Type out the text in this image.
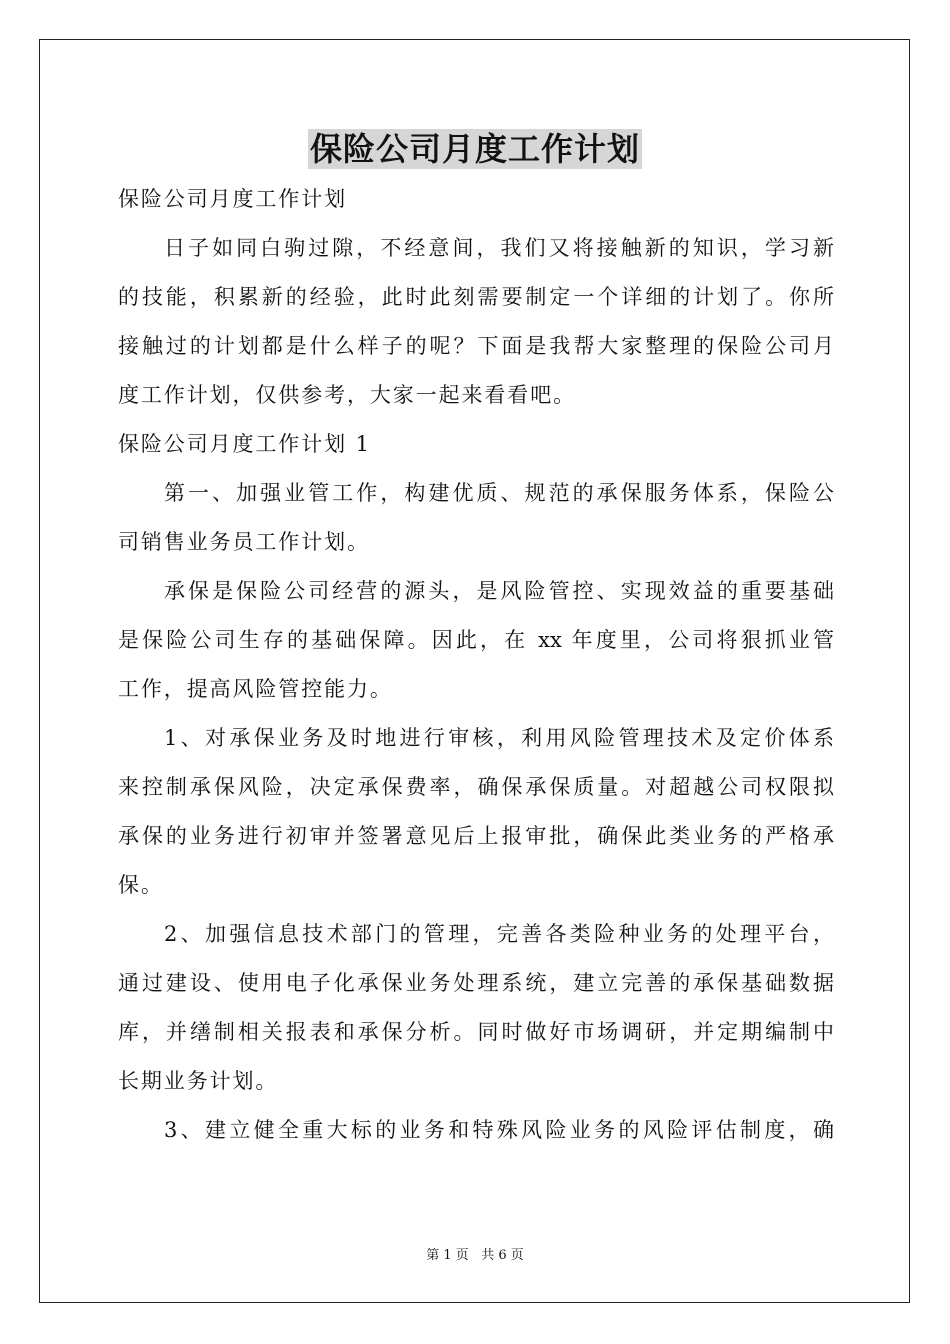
保险公司月度工作计划
保险公司月度工作计划
日子如同白驹过隙，不经意间，我们又将接触新的知识，学习新
的技能，积累新的经验，此时此刻需要制定一个详细的计划了。你所
接触过的计划都是什么样子的呢？下面是我帮大家整理的保险公司月
度工作计划，仅供参考，大家一起来看看吧。
保险公司月度工作计划 1
第一、加强业管工作，构建优质、规范的承保服务体系，保险公
司销售业务员工作计划。
承保是保险公司经营的源头，是风险管控、实现效益的重要基础
是保险公司生存的基础保障。因此，在 xx 年度里，公司将狠抓业管
工作，提高风险管控能力。
1、对承保业务及时地进行审核，利用风险管理技术及定价体系
来控制承保风险，决定承保费率，确保承保质量。对超越公司权限拟
承保的业务进行初审并签署意见后上报审批，确保此类业务的严格承
保。
2、加强信息技术部门的管理，完善各类险种业务的处理平台，
通过建设、使用电子化承保业务处理系统，建立完善的承保基础数据
库，并缮制相关报表和承保分析。同时做好市场调研，并定期编制中
长期业务计划。
3、建立健全重大标的业务和特殊风险业务的风险评估制度，确
第 1 页 共 6 页
